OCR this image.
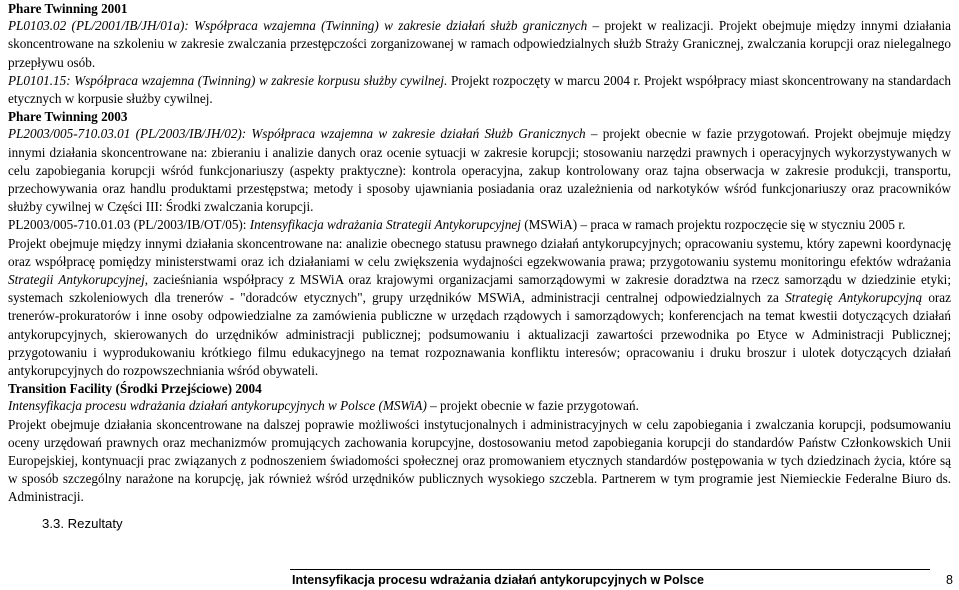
Phare Twinning 2001

PL0103.02 (PL/2001/IB/JH/01a): Współpraca wzajemna (Twinning) w zakresie działań służb granicznych – projekt w realizacji. Projekt obejmuje między innymi działania skoncentrowane na szkoleniu w zakresie zwalczania przestępczości zorganizowanej w ramach odpowiedzialnych służb Straży Granicznej, zwalczania korupcji oraz nielegalnego przepływu osób.

PL0101.15: Współpraca wzajemna (Twinning) w zakresie korpusu służby cywilnej. Projekt rozpoczęty w marcu 2004 r. Projekt współpracy miast skoncentrowany na standardach etycznych w korpusie służby cywilnej.

Phare Twinning 2003

PL2003/005-710.03.01 (PL/2003/IB/JH/02): Współpraca wzajemna w zakresie działań Służb Granicznych – projekt obecnie w fazie przygotowań. Projekt obejmuje między innymi działania skoncentrowane na: zbieraniu i analizie danych oraz ocenie sytuacji w zakresie korupcji; stosowaniu narzędzi prawnych i operacyjnych wykorzystywanych w celu zapobiegania korupcji wśród funkcjonariuszy (aspekty praktyczne): kontrola operacyjna, zakup kontrolowany oraz tajna obserwacja w zakresie produkcji, transportu, przechowywania oraz handlu produktami przestępstwa; metody i sposoby ujawniania posiadania oraz uzależnienia od narkotyków wśród funkcjonariuszy oraz pracowników służby cywilnej w Części III: Środki zwalczania korupcji.

PL2003/005-710.01.03 (PL/2003/IB/OT/05): Intensyfikacja wdrażania Strategii Antykorupcyjnej (MSWiA) – praca w ramach projektu rozpoczęcie się w styczniu 2005 r.

Projekt obejmuje między innymi działania skoncentrowane na: analizie obecnego statusu prawnego działań antykorupcyjnych; opracowaniu systemu, który zapewni koordynację oraz współpracę pomiędzy ministerstwami oraz ich działaniami w celu zwiększenia wydajności egzekwowania prawa; przygotowaniu systemu monitoringu efektów wdrażania Strategii Antykorupcyjnej, zacieśniania współpracy z MSWiA oraz krajowymi organizacjami samorządowymi w zakresie doradztwa na rzecz samorządu w dziedzinie etyki; systemach szkoleniowych dla trenerów - "doradców etycznych", grupy urzędników MSWiA, administracji centralnej odpowiedzialnych za Strategię Antykorupcyjną oraz trenerów-prokuratorów i inne osoby odpowiedzialne za zamówienia publiczne w urzędach rządowych i samorządowych; konferencjach na temat kwestii dotyczących działań antykorupcyjnych, skierowanych do urzędników administracji publicznej; podsumowaniu i aktualizacji zawartości przewodnika po Etyce w Administracji Publicznej; przygotowaniu i wyprodukowaniu krótkiego filmu edukacyjnego na temat rozpoznawania konfliktu interesów; opracowaniu i druku broszur i ulotek dotyczących działań antykorupcyjnych do rozpowszechniania wśród obywateli.

Transition Facility (Środki Przejściowe) 2004

Intensyfikacja procesu wdrażania działań antykorupcyjnych w Polsce (MSWiA) – projekt obecnie w fazie przygotowań.

Projekt obejmuje działania skoncentrowane na dalszej poprawie możliwości instytucjonalnych i administracyjnych w celu zapobiegania i zwalczania korupcji, podsumowaniu oceny urzędowań prawnych oraz mechanizmów promujących zachowania korupcyjne, dostosowaniu metod zapobiegania korupcji do standardów Państw Członkowskich Unii Europejskiej, kontynuacji prac związanych z podnoszeniem świadomości społecznej oraz promowaniem etycznych standardów postępowania w tych dziedzinach życia, które są w sposób szczególny narażone na korupcję, jak również wśród urzędników publicznych wysokiego szczebla. Partnerem w tym programie jest Niemieckie Federalne Biuro ds. Administracji.

3.3. Rezultaty
Intensyfikacja procesu wdrażania działań antykorupcyjnych w Polsce	8
